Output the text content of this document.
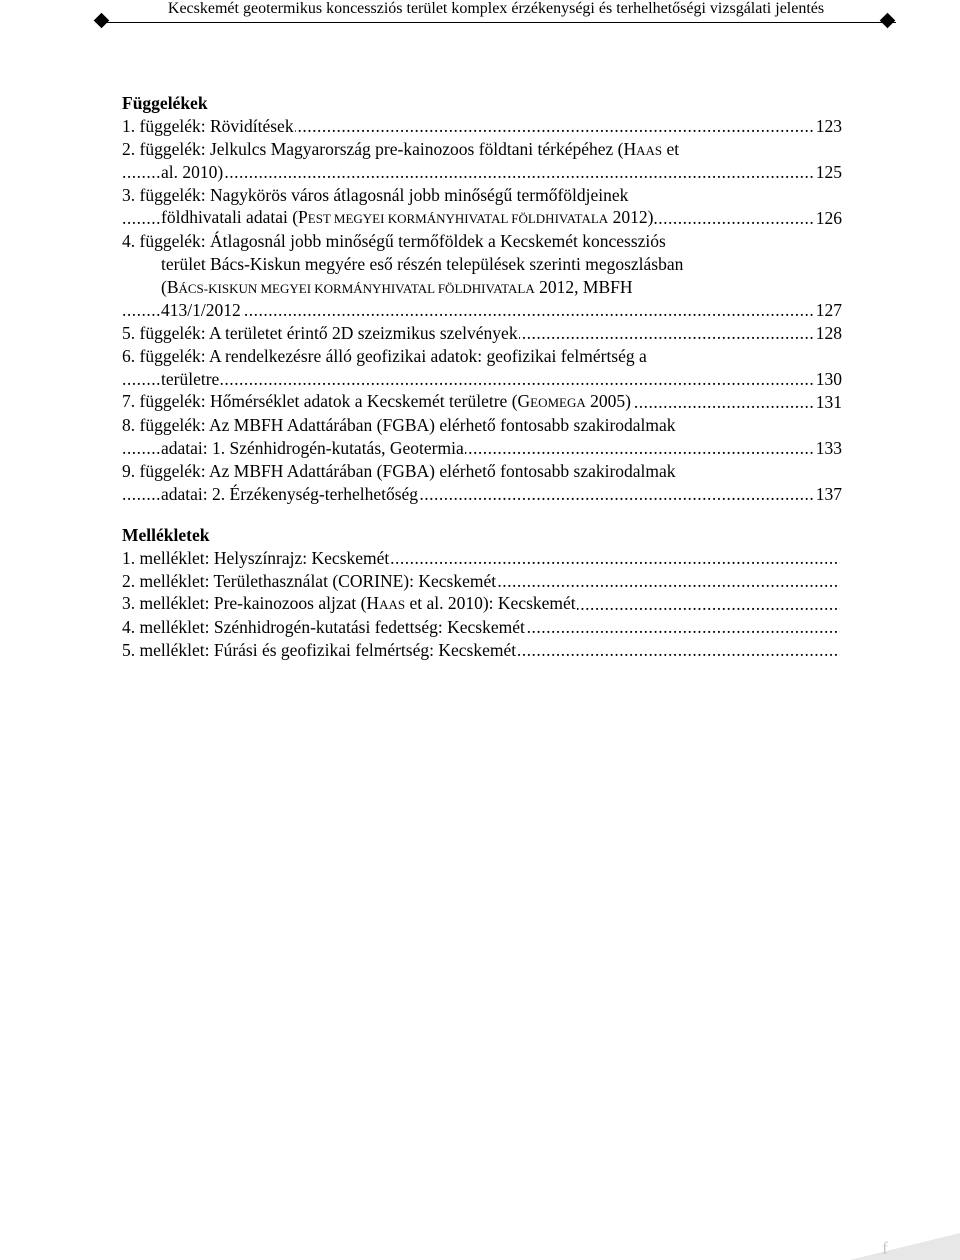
Kecskemét geotermikus koncessziós terület komplex érzékenységi és terhelhetőségi vizsgálati jelentés
Függelékek
.....
1. függelék: Rövidítések	123
2. függelék: Jelkulcs Magyarország pre-kainozoos földtani térképéhez (HAAS et
.....
al. 2010)	125
3. függelék: Nagykörös város átlagosnál jobb minőségű termőföldjeinek
.....
földhivatali adatai (PEST MEGYEI KORMÁNYHIVATAL FÖLDHIVATALA 2012)	126
4. függelék: Átlagosnál jobb minőségű termőföldek a Kecskemét koncessziós
terület Bács-Kiskun megyére eső részén települések szerinti megoszlásban
(BÁCS-KISKUN MEGYEI KORMÁNYHIVATAL FÖLDHIVATALA 2012, MBFH
.....
413/1/2012	127
.....
5. függelék: A területet érintő 2D szeizmikus szelvények	128
6. függelék: A rendelkezésre álló geofizikai adatok: geofizikai felmértség a
.....
területre	130
.....
7. függelék: Hőmérséklet adatok a Kecskemét területre (GEOMEGA 2005)	131
8. függelék: Az MBFH Adattárában (FGBA) elérhető fontosabb szakirodalmak
.....
adatai: 1. Szénhidrogén-kutatás, Geotermia	133
9. függelék: Az MBFH Adattárában (FGBA) elérhető fontosabb szakirodalmak
.....
adatai: 2. Érzékenység-terhelhetőség	137
Mellékletek
.....
1. melléklet: Helyszínrajz: Kecskemét
.....
2. melléklet: Területhasználat (CORINE): Kecskemét
.....
3. melléklet: Pre-kainozoos aljzat (HAAS et al. 2010): Kecskemét
.....
4. melléklet: Szénhidrogén-kutatási fedettség: Kecskemét
.....
5. melléklet: Fúrási és geofizikai felmértség: Kecskemét
f
